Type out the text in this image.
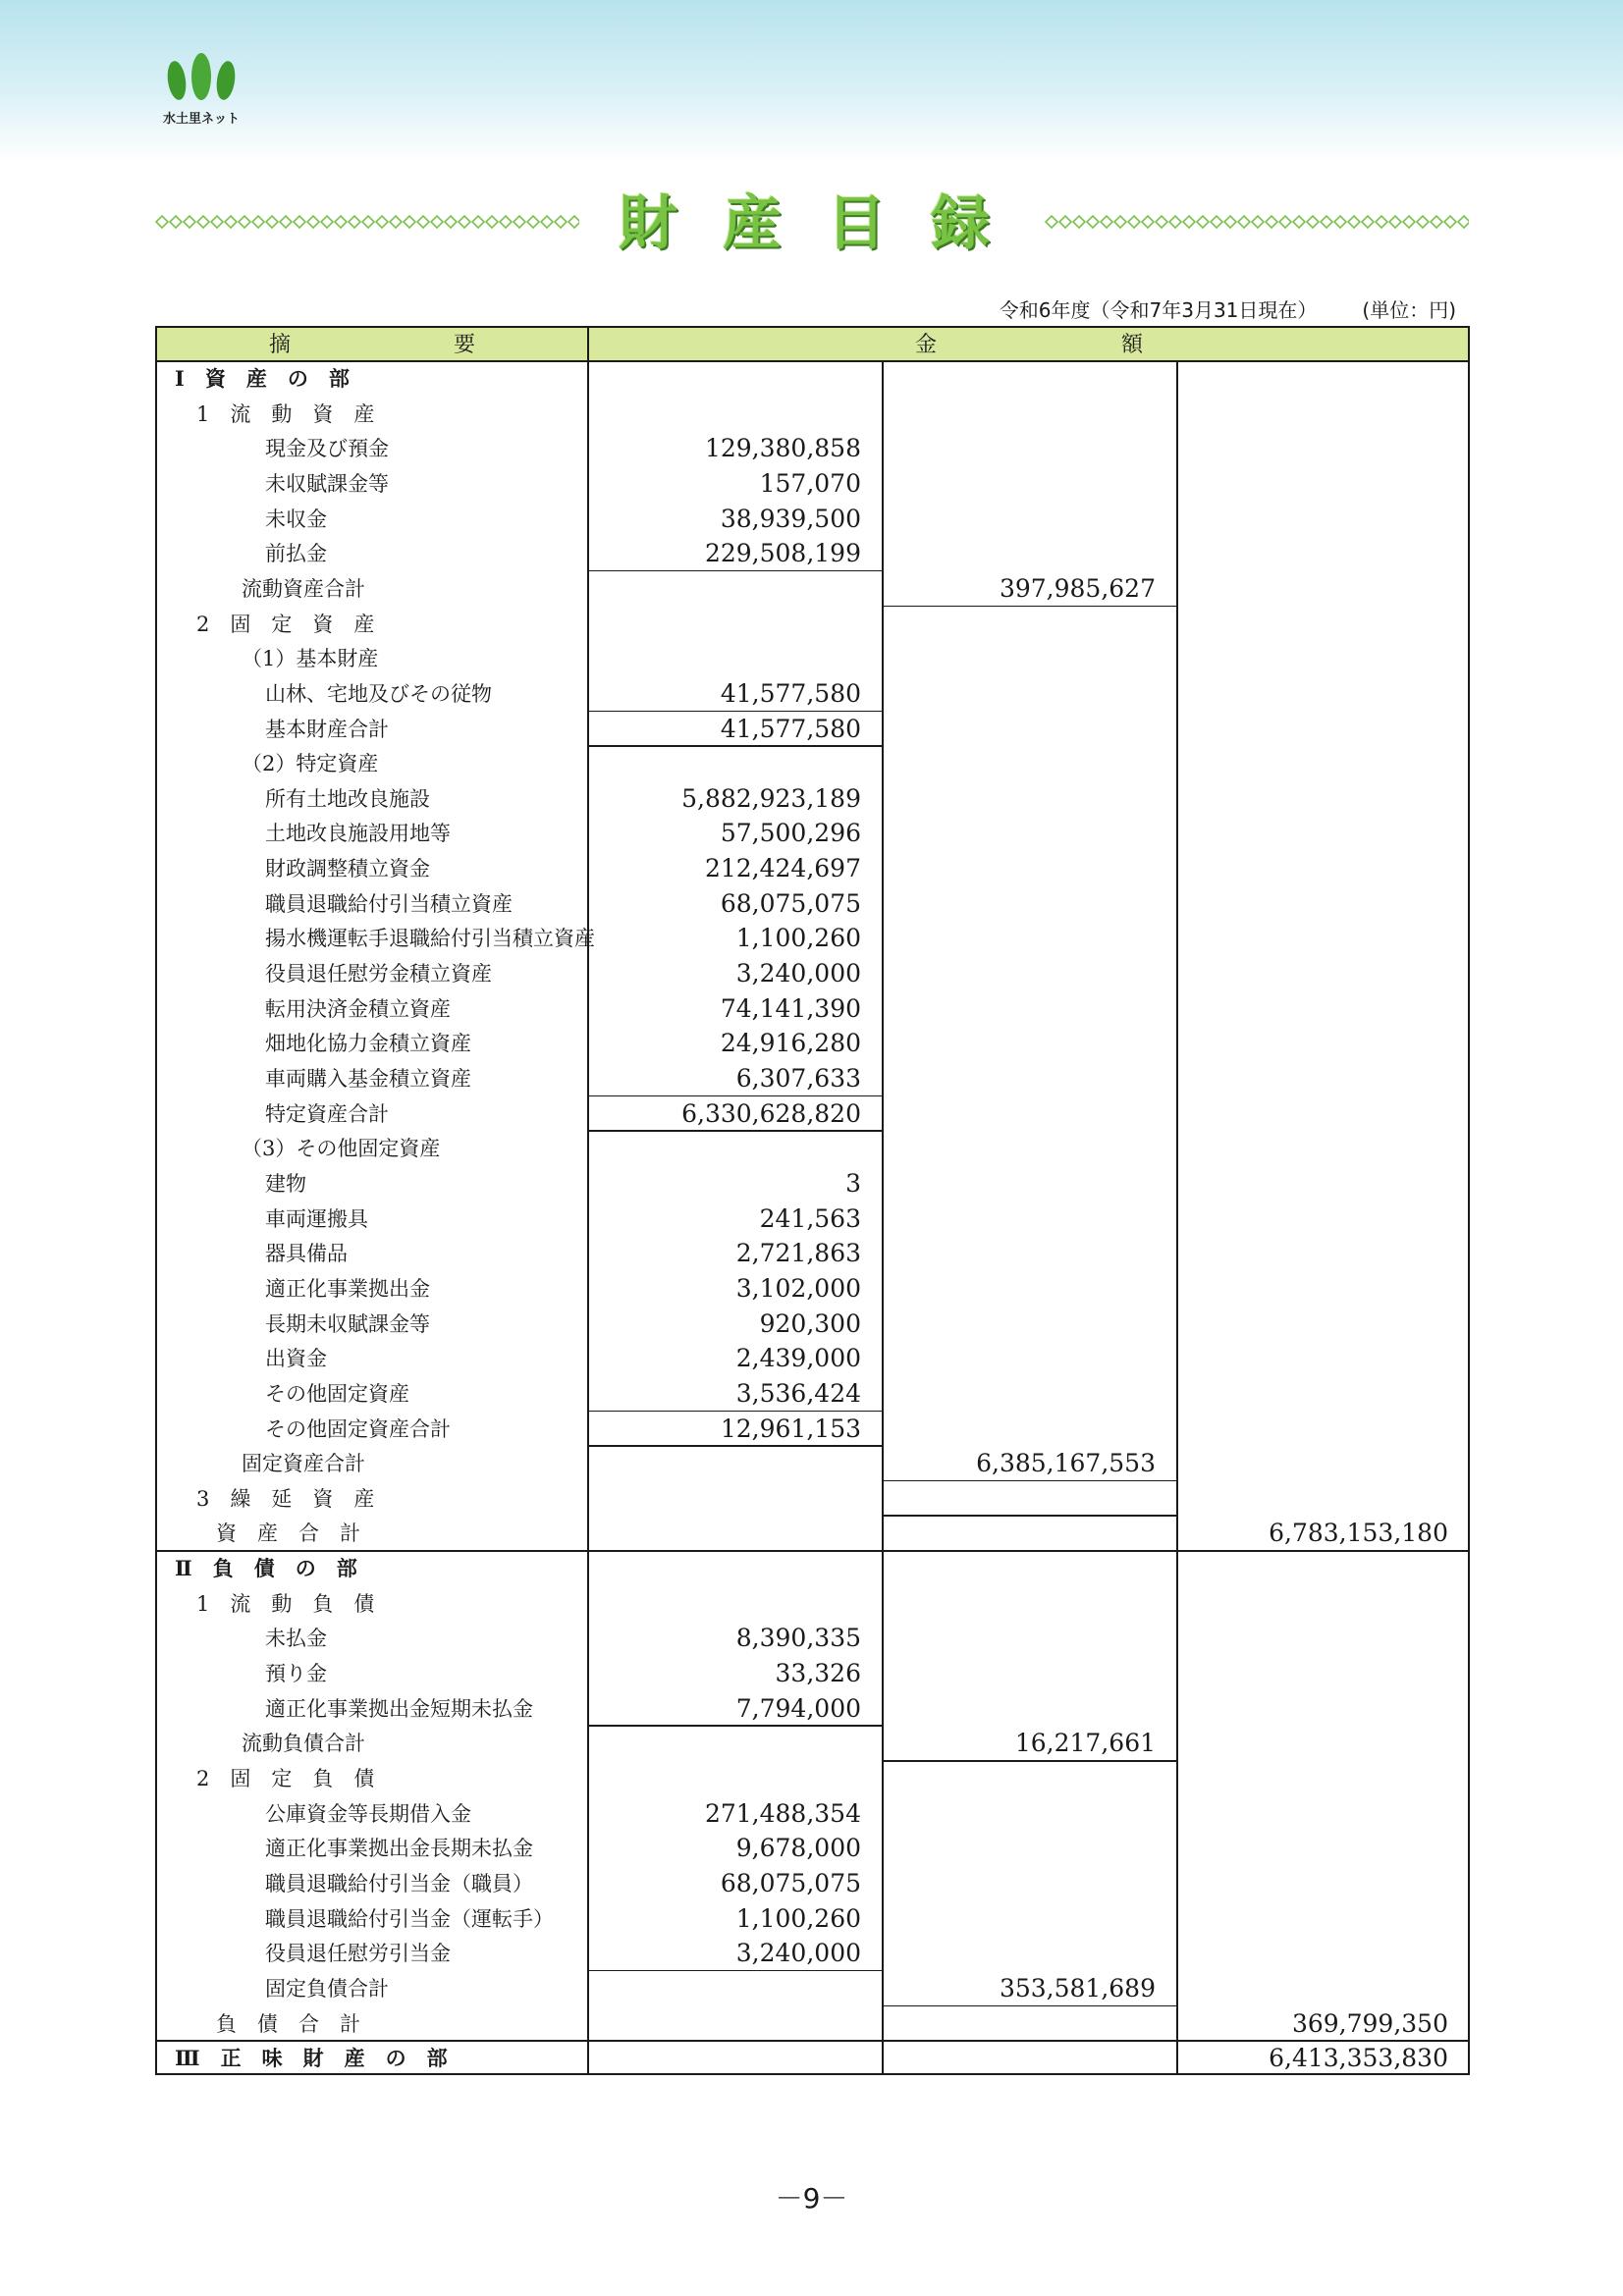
水土里ネット
財産目録
令和6年度（令和7年3月31日現在） (単位：円)
摘	要	金	額
Ⅰ　資　産　の　部
1　流　動　資　産
現金及び預金	129,380,858
未収賦課金等	157,070
未収金	38,939,500
前払金	229,508,199
流動資産合計	397,985,627
2　固　定　資　産
（1）基本財産
山林、宅地及びその従物	41,577,580
基本財産合計	41,577,580
（2）特定資産
所有土地改良施設	5,882,923,189
土地改良施設用地等	57,500,296
財政調整積立資金	212,424,697
職員退職給付引当積立資産	68,075,075
揚水機運転手退職給付引当積立資産	1,100,260
役員退任慰労金積立資産	3,240,000
転用決済金積立資産	74,141,390
畑地化協力金積立資産	24,916,280
車両購入基金積立資産	6,307,633
特定資産合計	6,330,628,820
（3）その他固定資産
建物	3
車両運搬具	241,563
器具備品	2,721,863
適正化事業拠出金	3,102,000
長期未収賦課金等	920,300
出資金	2,439,000
その他固定資産	3,536,424
その他固定資産合計	12,961,153
固定資産合計	6,385,167,553
3　繰　延　資　産
資　産　合　計	6,783,153,180
Ⅱ　負　債　の　部
1　流　動　負　債
未払金	8,390,335
預り金	33,326
適正化事業拠出金短期未払金	7,794,000
流動負債合計	16,217,661
2　固　定　負　債
公庫資金等長期借入金	271,488,354
適正化事業拠出金長期未払金	9,678,000
職員退職給付引当金（職員）	68,075,075
職員退職給付引当金（運転手）	1,100,260
役員退任慰労引当金	3,240,000
固定負債合計	353,581,689
負　債　合　計	369,799,350
Ⅲ　正　味　財　産　の　部	6,413,353,830
－9－
